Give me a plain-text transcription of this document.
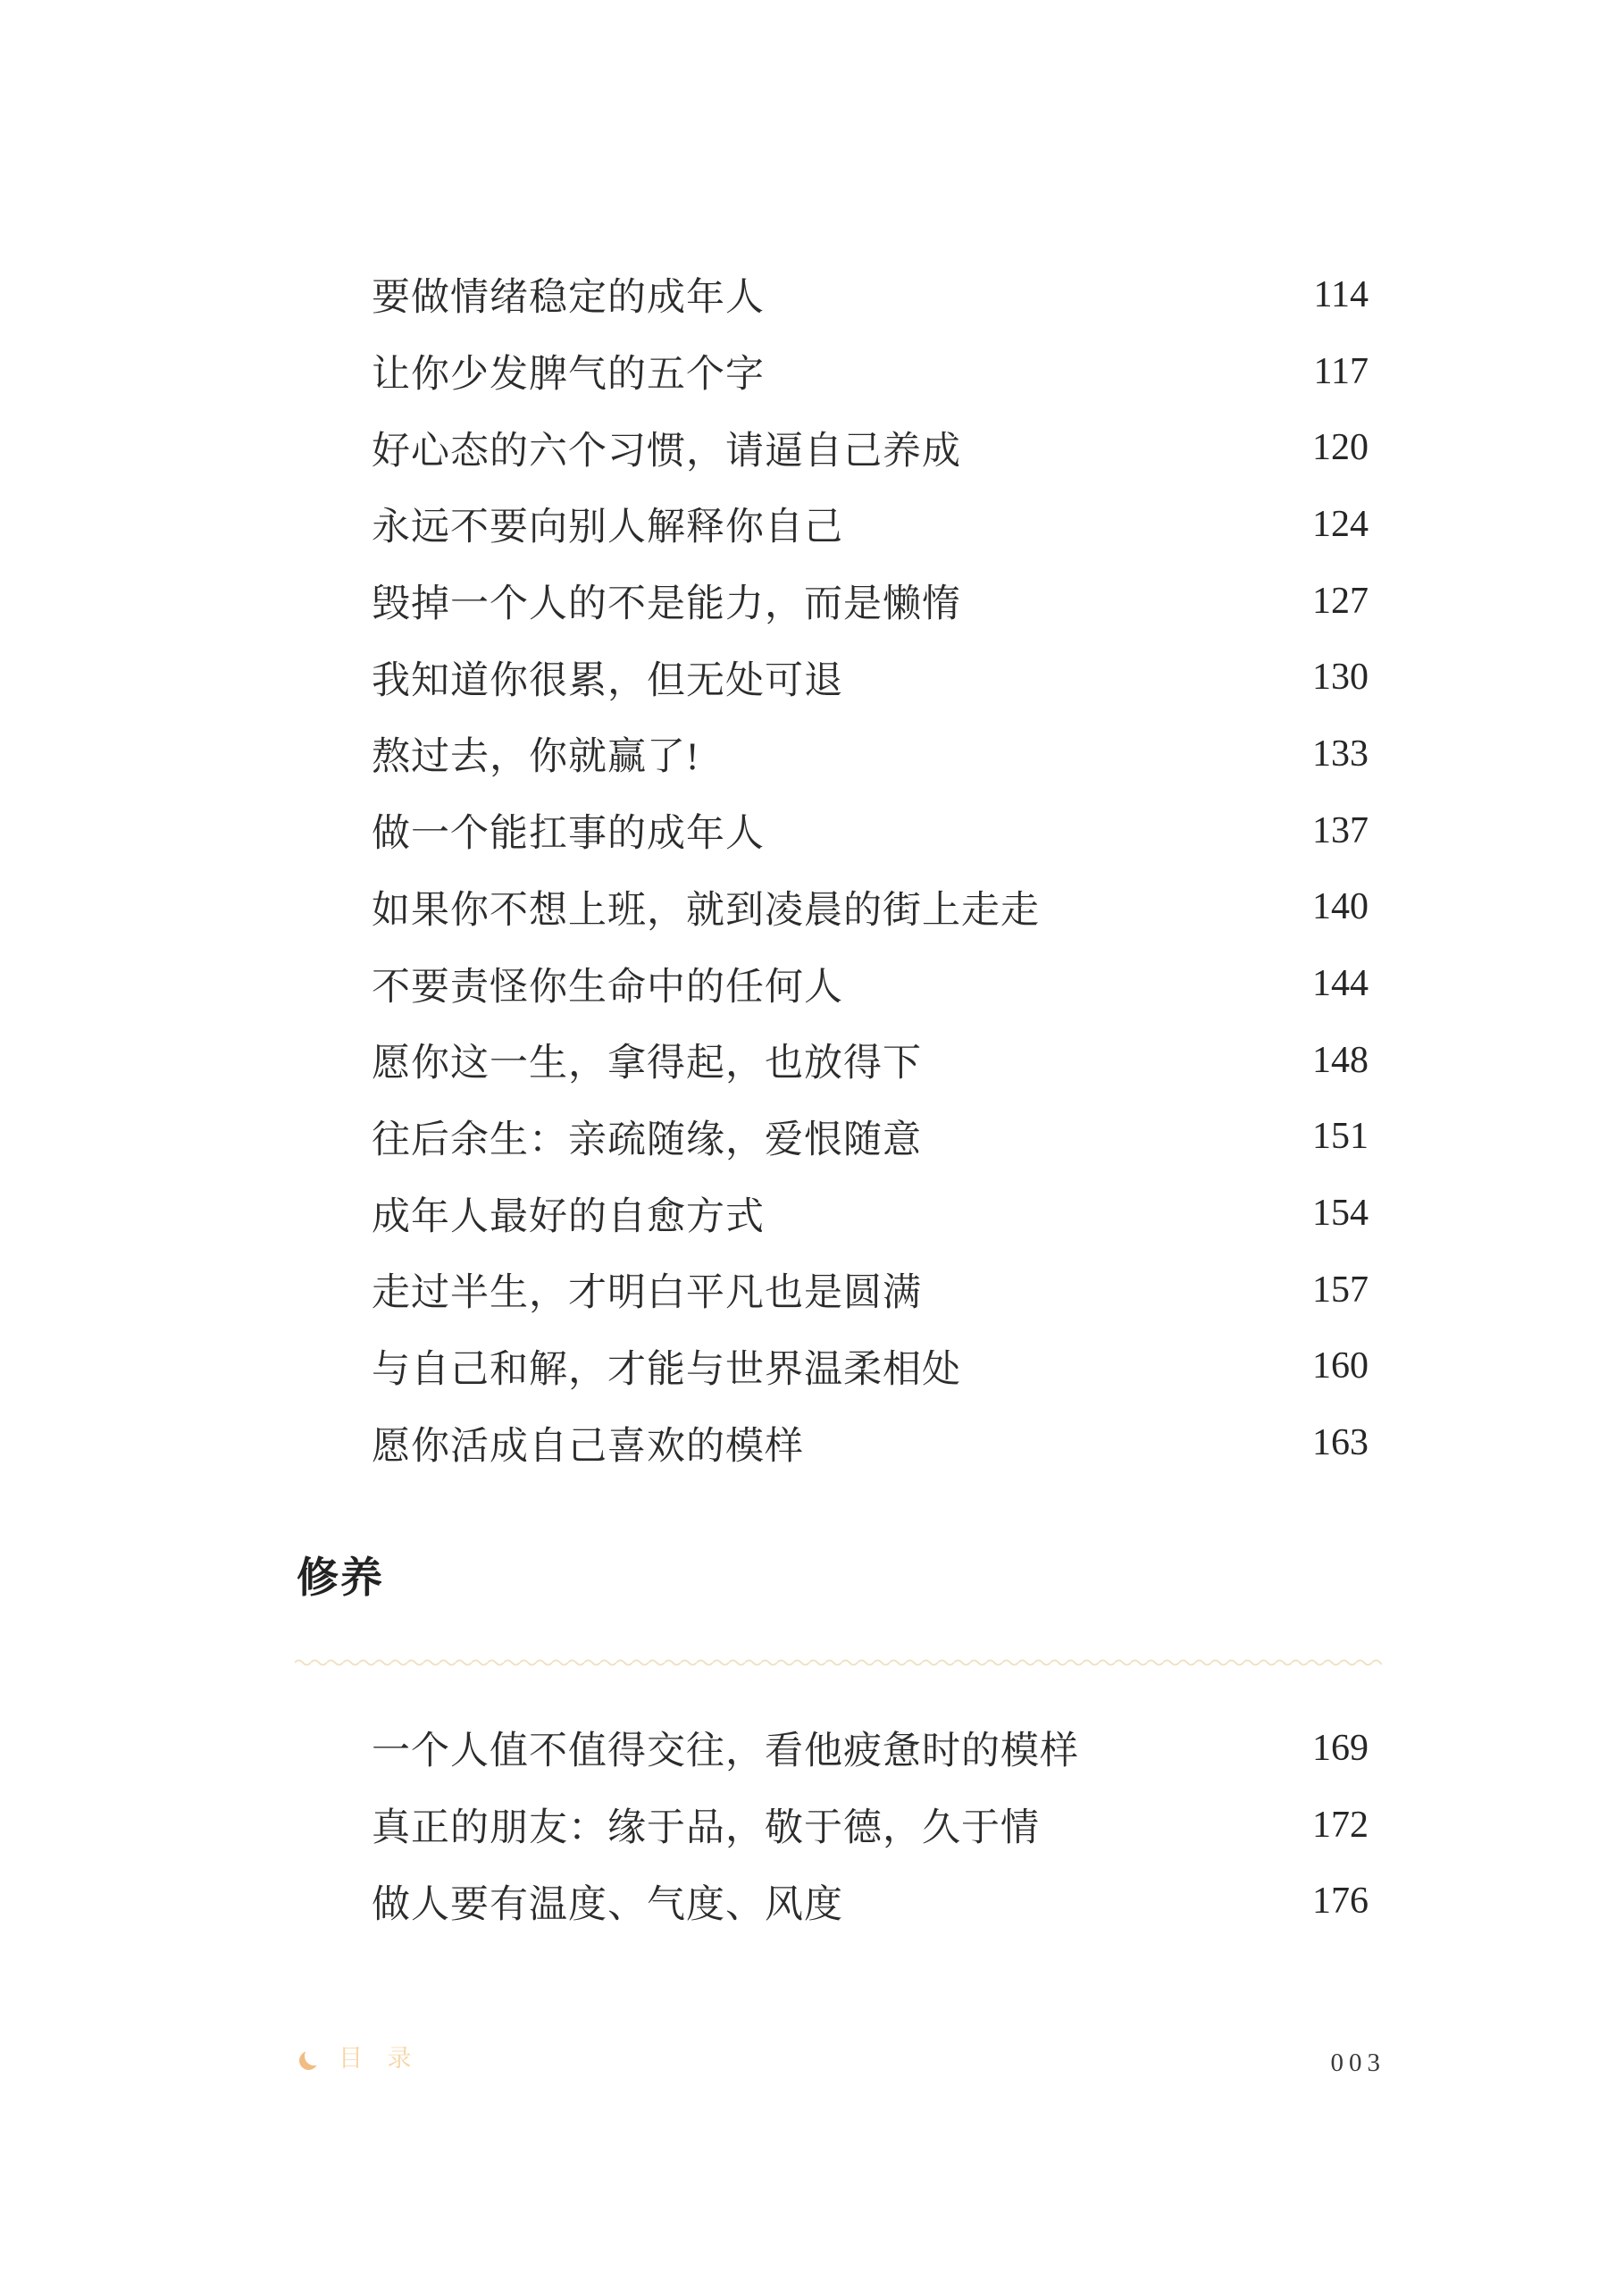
要做情绪稳定的成年人	114
让你少发脾气的五个字	117
好心态的六个习惯，请逼自己养成	120
永远不要向别人解释你自己	124
毁掉一个人的不是能力，而是懒惰	127
我知道你很累，但无处可退	130
熬过去，你就赢了!	133
做一个能扛事的成年人	137
如果你不想上班，就到凌晨的街上走走	140
不要责怪你生命中的任何人	144
愿你这一生，拿得起，也放得下	148
往后余生：亲疏随缘，爱恨随意	151
成年人最好的自愈方式	154
走过半生，才明白平凡也是圆满	157
与自己和解，才能与世界温柔相处	160
愿你活成自己喜欢的模样	163
修养
一个人值不值得交往，看他疲惫时的模样	169
真正的朋友：缘于品，敬于德，久于情	172
做人要有温度、气度、风度	176
目 录	003
